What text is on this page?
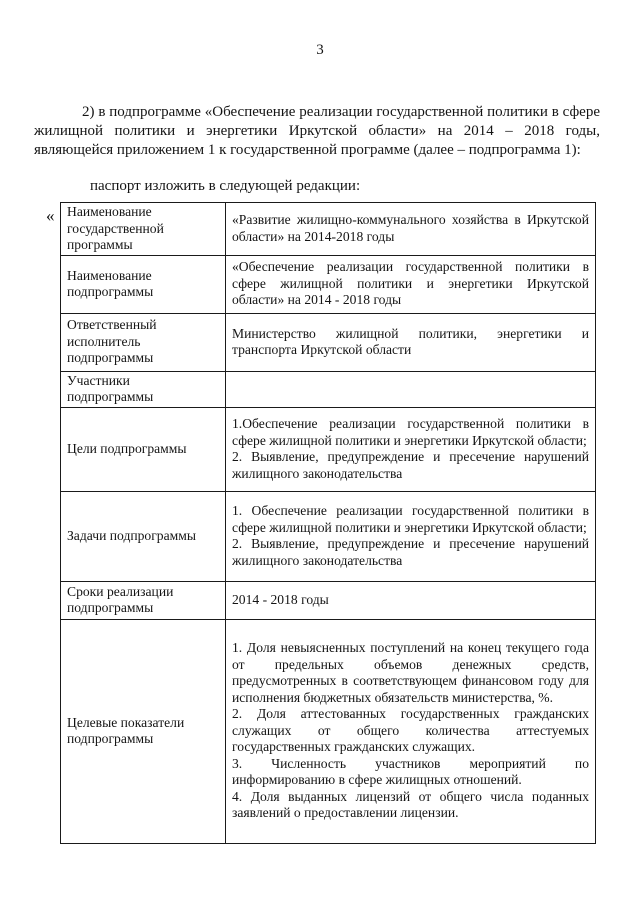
3
2) в подпрограмме «Обеспечение реализации государственной политики в сфере жилищной политики и энергетики Иркутской области» на 2014 – 2018 годы, являющейся приложением 1 к государственной программе (далее – подпрограмма 1):
паспорт изложить в следующей редакции:
« Наименование государственной программы	«Развитие жилищно-коммунального хозяйства в Иркутской области» на 2014-2018 годы
Наименование подпрограммы	«Обеспечение реализации государственной политики в сфере жилищной политики и энергетики Иркутской области» на 2014 - 2018 годы
Ответственный исполнитель подпрограммы	Министерство жилищной политики, энергетики и транспорта Иркутской области
Участники подпрограммы	
Цели подпрограммы	1.Обеспечение реализации государственной политики в сфере жилищной политики и энергетики Иркутской области;
2. Выявление, предупреждение и пресечение нарушений жилищного законодательства
Задачи подпрограммы	1. Обеспечение реализации государственной политики в сфере жилищной политики и энергетики Иркутской области;
2. Выявление, предупреждение и пресечение нарушений жилищного законодательства
Сроки реализации подпрограммы	2014 - 2018 годы
Целевые показатели подпрограммы	1. Доля невыясненных поступлений на конец текущего года от предельных объемов денежных средств, предусмотренных в соответствующем финансовом году для исполнения бюджетных обязательств министерства, %.
2. Доля аттестованных государственных гражданских служащих от общего количества аттестуемых государственных гражданских служащих.
3. Численность участников мероприятий по информированию в сфере жилищных отношений.
4. Доля выданных лицензий от общего числа поданных заявлений о предоставлении лицензии.
